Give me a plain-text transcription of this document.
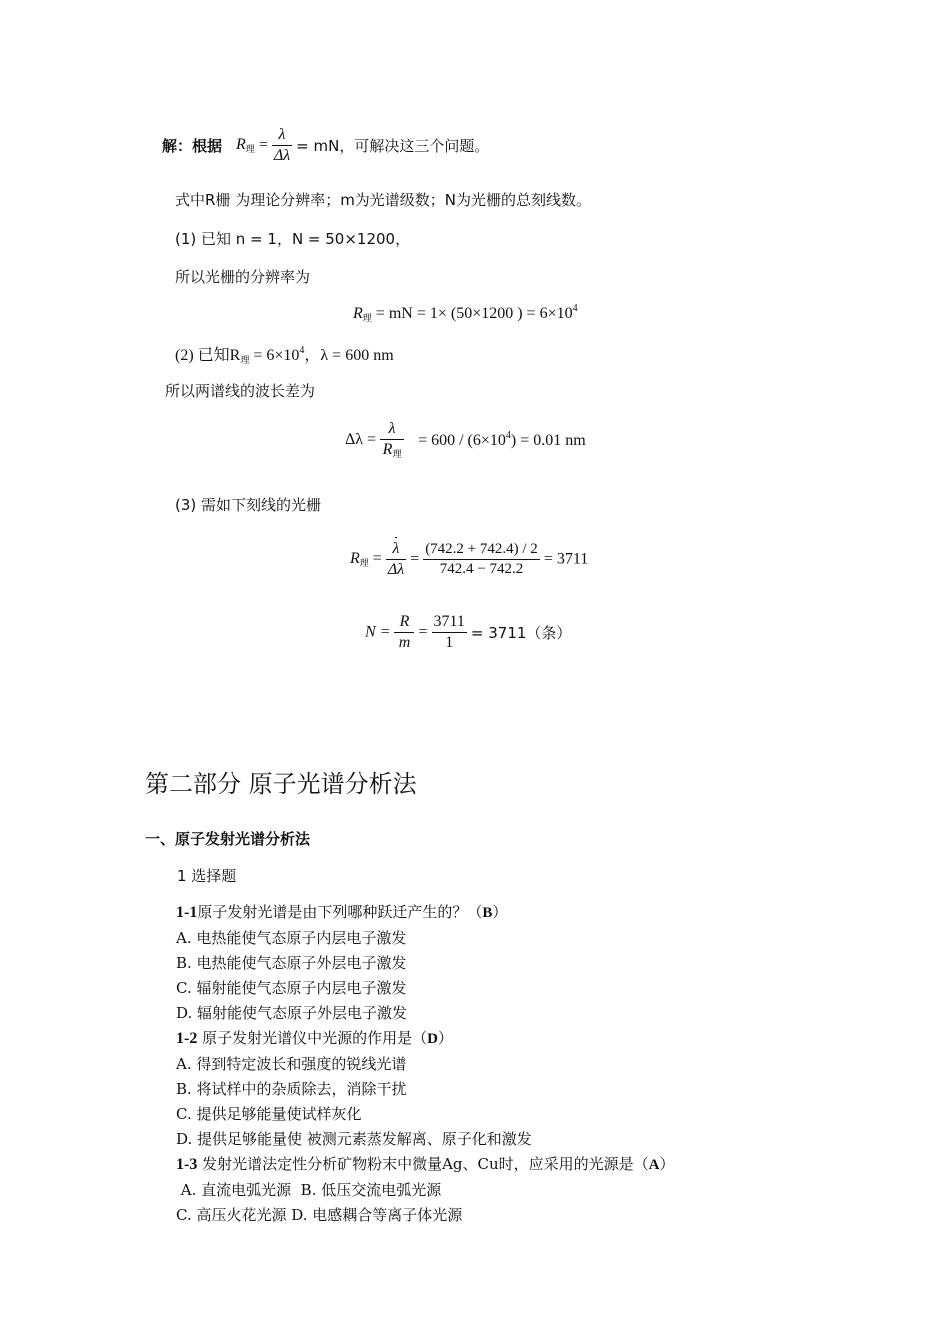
解：根据 $R_理 = \frac{\lambda}{\Delta\lambda}$ = mN，可解决这三个问题。
式中R栅 为理论分辨率；m为光谱级数；N为光栅的总刻线数。
(1) 已知 n = 1，N = 50×1200，
所以光栅的分辨率为
$R_理$ = mN = 1× (50×1200 ) = $6\times 10^4$
(2) 已知$R_理 = 6\times 10^4$，λ = 600 nm
所以两谱线的波长差为
$\Delta\lambda = \frac{\lambda}{R_理} = 600 / (6\times 10^4) = 0.01$ nm
(3) 需如下刻线的光栅
$R_理 = \frac{\lambda}{\Delta\lambda} = \frac{(742.2 + 742.4) / 2}{742.4 - 742.2} = 3711$
$N = \frac{R}{m} = \frac{3711}{1} = 3711$（条）
第二部分 原子光谱分析法
一、原子发射光谱分析法
1 选择题
1-1原子发射光谱是由下列哪种跃迁产生的？（B）
A. 电热能使气态原子内层电子激发
B. 电热能使气态原子外层电子激发
C. 辐射能使气态原子内层电子激发
D. 辐射能使气态原子外层电子激发
1-2 原子发射光谱仪中光源的作用是（D）
A. 得到特定波长和强度的锐线光谱
B. 将试样中的杂质除去，消除干扰
C. 提供足够能量使试样灰化
D. 提供足够能量使 被测元素蒸发解离、原子化和激发
1-3 发射光谱法定性分析矿物粉末中微量Ag、Cu时，应采用的光源是（A）
A. 直流电弧光源  B. 低压交流电弧光源
C. 高压火花光源 D. 电感耦合等离子体光源
